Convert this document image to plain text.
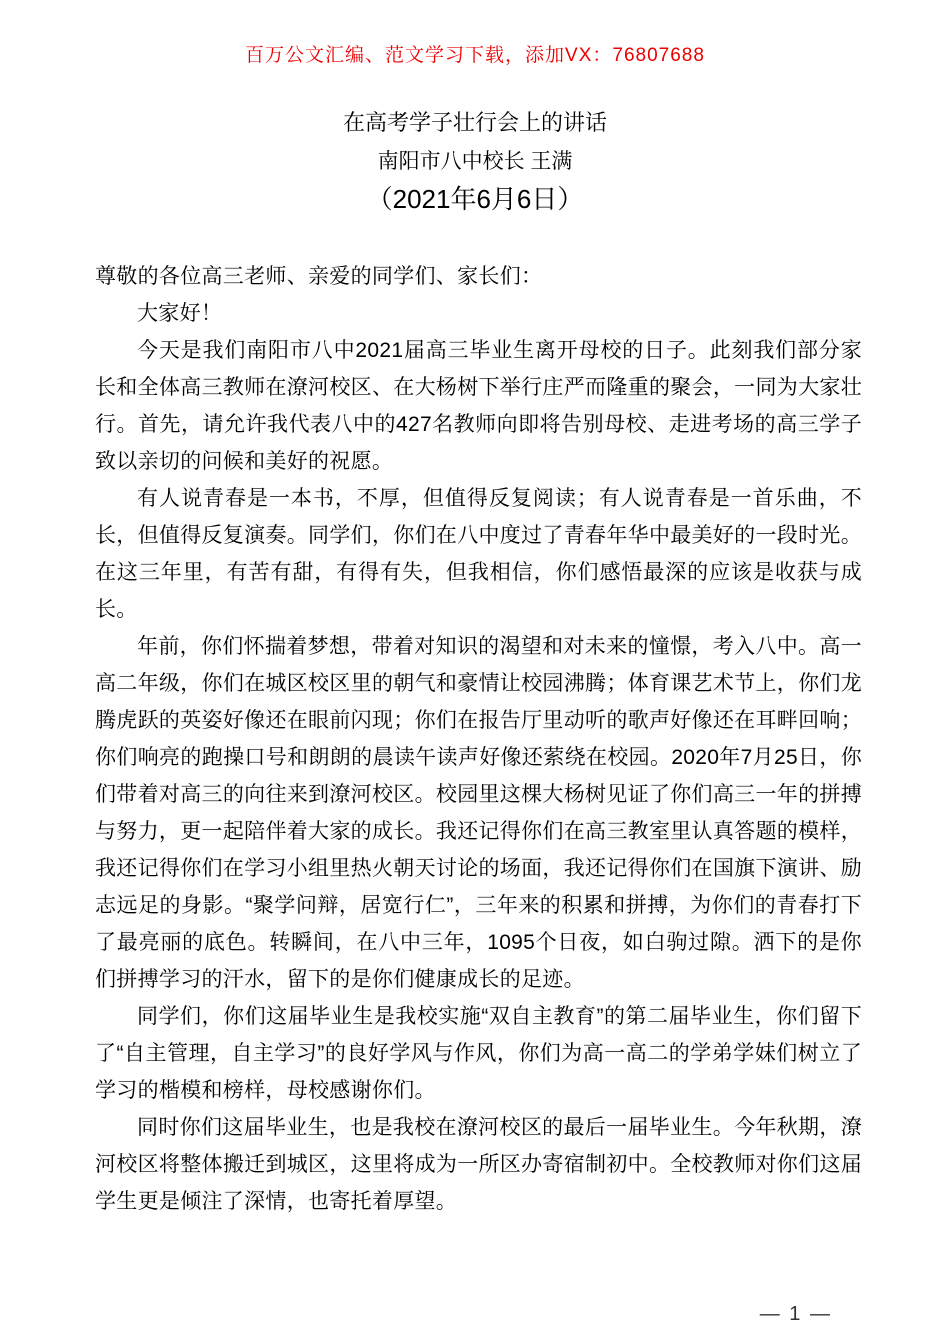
百万公文汇编、范文学习下载，添加VX：76807688
在高考学子壮行会上的讲话
南阳市八中校长 王满
（2021年6月6日）

尊敬的各位高三老师、亲爱的同学们、家长们：

大家好！

今天是我们南阳市八中2021届高三毕业生离开母校的日子。此刻我们部分家长和全体高三教师在潦河校区、在大杨树下举行庄严而隆重的聚会，一同为大家壮行。首先，请允许我代表八中的427名教师向即将告别母校、走进考场的高三学子致以亲切的问候和美好的祝愿。

有人说青春是一本书，不厚，但值得反复阅读；有人说青春是一首乐曲，不长，但值得反复演奏。同学们，你们在八中度过了青春年华中最美好的一段时光。在这三年里，有苦有甜，有得有失，但我相信，你们感悟最深的应该是收获与成长。

年前，你们怀揣着梦想，带着对知识的渴望和对未来的憧憬，考入八中。高一高二年级，你们在城区校区里的朝气和豪情让校园沸腾；体育课艺术节上，你们龙腾虎跃的英姿好像还在眼前闪现；你们在报告厅里动听的歌声好像还在耳畔回响；你们响亮的跑操口号和朗朗的晨读午读声好像还萦绕在校园。2020年7月25日，你们带着对高三的向往来到潦河校区。校园里这棵大杨树见证了你们高三一年的拼搏与努力，更一起陪伴着大家的成长。我还记得你们在高三教室里认真答题的模样，我还记得你们在学习小组里热火朝天讨论的场面，我还记得你们在国旗下演讲、励志远足的身影。“聚学问辩，居宽行仁”，三年来的积累和拼搏，为你们的青春打下了最亮丽的底色。转瞬间，在八中三年，1095个日夜，如白驹过隙。洒下的是你们拼搏学习的汗水，留下的是你们健康成长的足迹。

同学们，你们这届毕业生是我校实施“双自主教育”的第二届毕业生，你们留下了“自主管理，自主学习”的良好学风与作风，你们为高一高二的学弟学妹们树立了学习的楷模和榜样，母校感谢你们。

同时你们这届毕业生，也是我校在潦河校区的最后一届毕业生。今年秋期，潦河校区将整体搬迁到城区，这里将成为一所区办寄宿制初中。全校教师对你们这届学生更是倾注了深情，也寄托着厚望。

— 1 —
